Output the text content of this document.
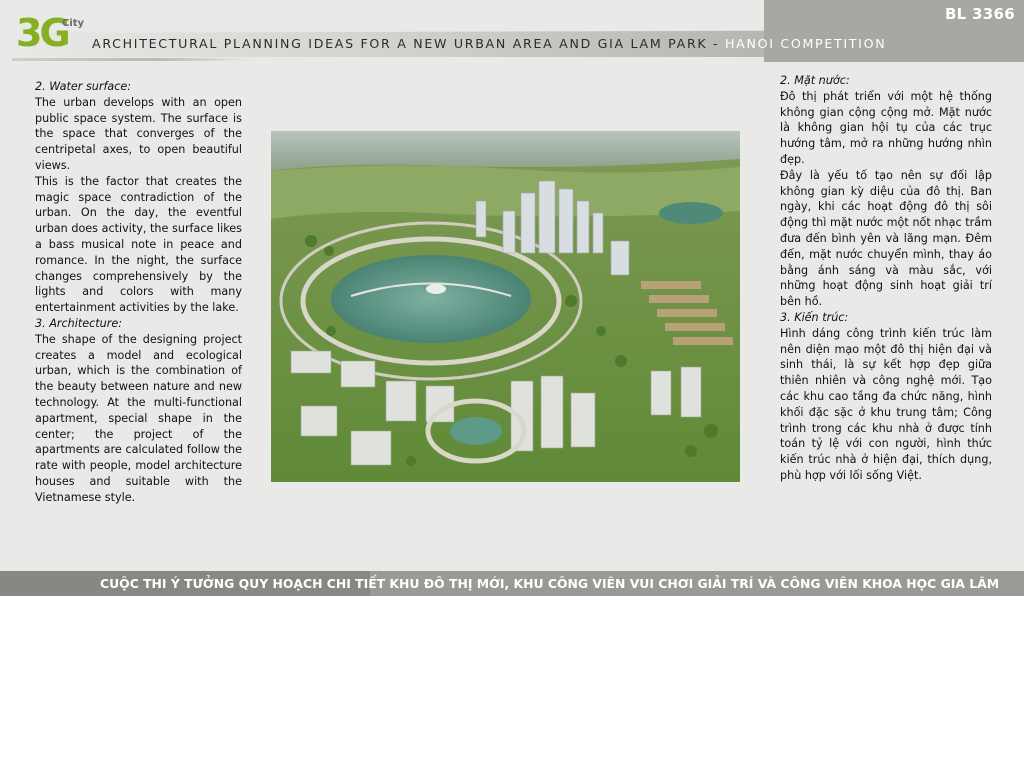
BL 3366
3G
City
ARCHITECTURAL PLANNING IDEAS FOR A NEW URBAN AREA AND GIA LAM PARK - HANOI COMPETITION
2. Water surface:
The urban develops with an open public space system. The surface is the space that converges of the centripetal axes, to open beautiful views.
This is the factor that creates the magic space contradiction of the urban. On the day, the eventful urban does activity, the surface likes a bass musical note in peace and romance. In the night, the surface changes comprehensively by the lights and colors with many entertainment activities by the lake.
3. Architecture:
The shape of the designing project creates a model and ecological urban, which is the combination of the beauty between nature and new technology. At the multi-functional apartment, special shape in the center; the project of the apartments are calculated follow the rate with people, model architecture houses and suitable with the Vietnamese style.
2. Mặt nước:
Đô thị phát triển với một hệ thống không gian cộng cộng mở. Mặt nước là không gian hội tụ của các trục hướng tâm, mở ra những hướng nhìn đẹp.
Đây là yếu tố tạo nên sự đối lập không gian kỳ diệu của đô thị. Ban ngày, khi các hoạt động đô thị sôi động thì mặt nước một nốt nhạc trầm đưa đến bình yên và lãng mạn. Đêm đến, mặt nước chuyển mình, thay áo bằng ánh sáng và màu sắc, với những hoạt động sinh hoạt giải trí bên hồ.
3. Kiến trúc:
Hình dáng công trình kiến trúc làm nên diện mạo một đô thị hiện đại và sinh thái, là sự kết hợp đẹp giữa thiên nhiên và công nghệ mới. Tạo các khu cao tầng đa chức năng, hình khối đặc sặc ở khu trung tâm; Công trình trong các khu nhà ở được tính toán tỷ lệ với con người, hình thức kiến trúc nhà ở hiện đại, thích dụng, phù hợp với lối sống Việt.
CUỘC THI Ý TƯỞNG QUY HOẠCH CHI TIẾT KHU ĐÔ THỊ MỚI, KHU CÔNG VIÊN VUI CHƠI GIẢI TRÍ VÀ CÔNG VIÊN KHOA HỌC GIA LÂM
